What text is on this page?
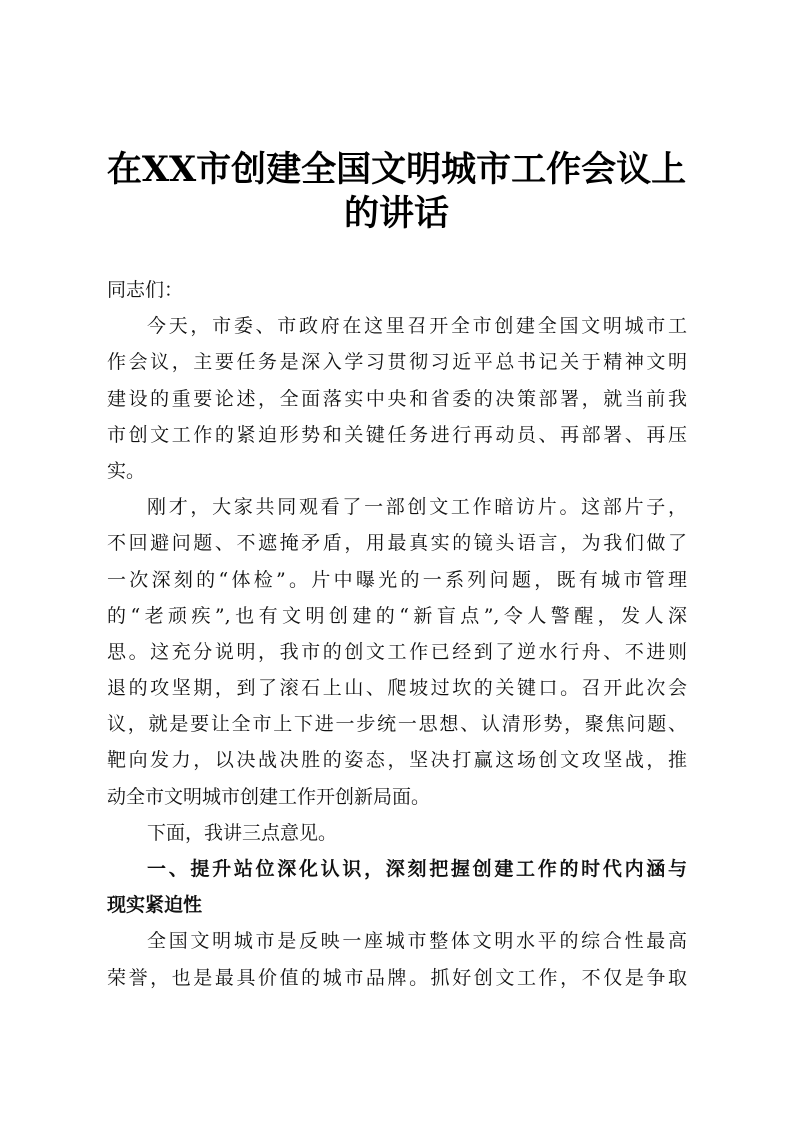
在XX市创建全国文明城市工作会议上
的讲话
同志们：
今天，市委、市政府在这里召开全市创建全国文明城市工
作会议，主要任务是深入学习贯彻习近平总书记关于精神文明
建设的重要论述，全面落实中央和省委的决策部署，就当前我
市创文工作的紧迫形势和关键任务进行再动员、再部署、再压
实。
刚才，大家共同观看了一部创文工作暗访片。这部片子，
不回避问题、不遮掩矛盾，用最真实的镜头语言，为我们做了
一次深刻的“体检”。片中曝光的一系列问题，既有城市管理
的“老顽疾”,也有文明创建的“新盲点”,令人警醒，发人深
思。这充分说明，我市的创文工作已经到了逆水行舟、不进则
退的攻坚期，到了滚石上山、爬坡过坎的关键口。召开此次会
议，就是要让全市上下进一步统一思想、认清形势，聚焦问题、
靶向发力，以决战决胜的姿态，坚决打赢这场创文攻坚战，推
动全市文明城市创建工作开创新局面。
下面，我讲三点意见。
一、提升站位深化认识，深刻把握创建工作的时代内涵与
现实紧迫性
全国文明城市是反映一座城市整体文明水平的综合性最高
荣誉，也是最具价值的城市品牌。抓好创文工作，不仅是争取
